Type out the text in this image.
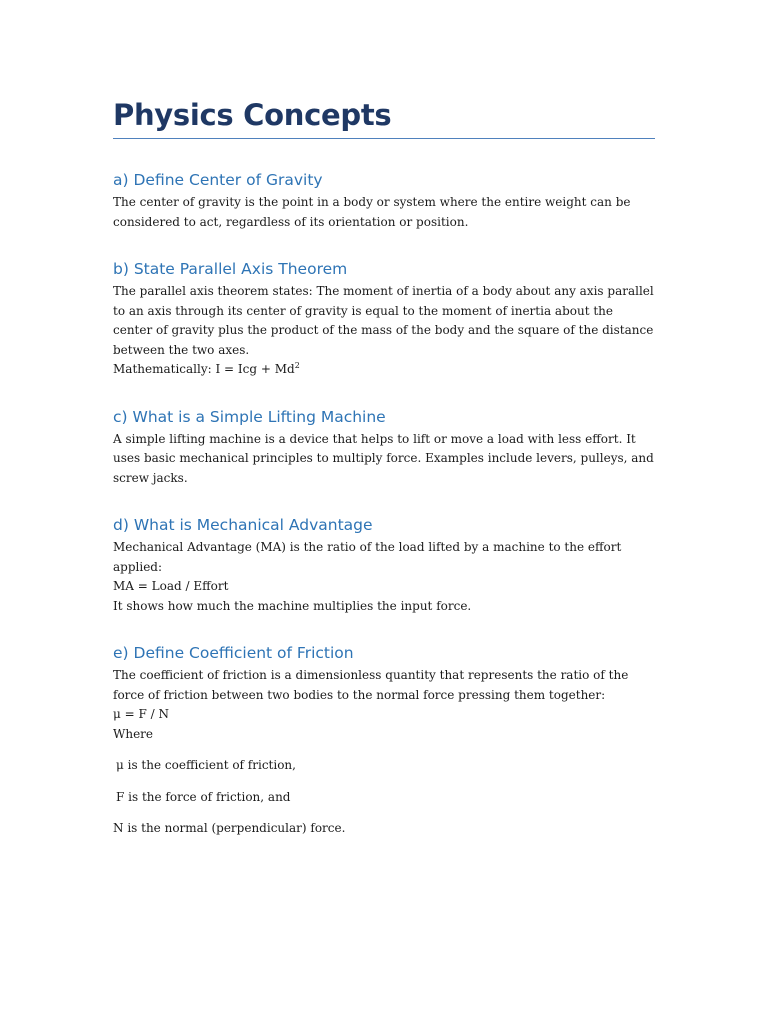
Physics Concepts
a) Define Center of Gravity

The center of gravity is the point in a body or system where the entire weight can be considered to act, regardless of its orientation or position.

b) State Parallel Axis Theorem

The parallel axis theorem states: The moment of inertia of a body about any axis parallel to an axis through its center of gravity is equal to the moment of inertia about the center of gravity plus the product of the mass of the body and the square of the distance between the two axes.

Mathematically: I = Icg + $Md^2$

c) What is a Simple Lifting Machine

A simple lifting machine is a device that helps to lift or move a load with less effort. It uses basic mechanical principles to multiply force. Examples include levers, pulleys, and screw jacks.

d) What is Mechanical Advantage

Mechanical Advantage (MA) is the ratio of the load lifted by a machine to the effort applied:

MA = Load / Effort

It shows how much the machine multiplies the input force.

e) Define Coefficient of Friction

The coefficient of friction is a dimensionless quantity that represents the ratio of the force of friction between two bodies to the normal force pressing them together:

μ = F / N

Where

μ is the coefficient of friction,

F is the force of friction, and

N is the normal (perpendicular) force.
